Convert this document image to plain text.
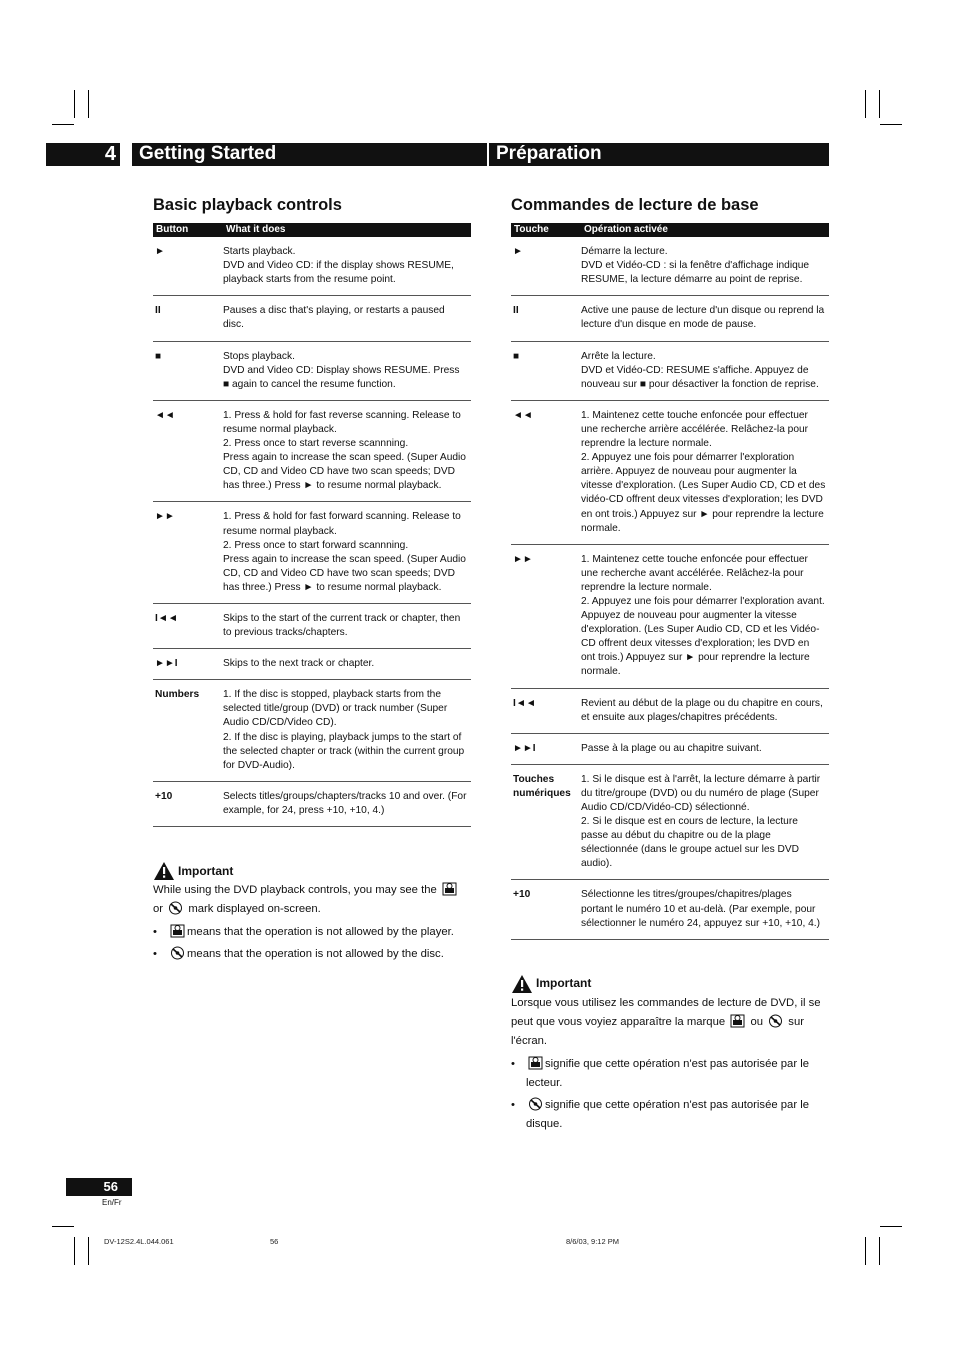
4	Getting Started	Préparation
Basic playback controls
Button	What it does
►	Starts playback.
DVD and Video CD: if the display shows RESUME, playback starts from the resume point.

II	Pauses a disc that's playing, or restarts a paused disc.

■	Stops playback.
DVD and Video CD: Display shows RESUME. Press ■ again to cancel the resume function.

◄◄	1. Press & hold for fast reverse scanning. Release to resume normal playback.
2. Press once to start reverse scannning.
Press again to increase the scan speed. (Super Audio CD, CD and Video CD have two scan speeds; DVD has three.) Press ► to resume normal playback.

►►	1. Press & hold for fast forward scanning. Release to resume normal playback.
2. Press once to start forward scannning.
Press again to increase the scan speed. (Super Audio CD, CD and Video CD have two scan speeds; DVD has three.) Press ► to resume normal playback.

I◄◄	Skips to the start of the current track or chapter, then to previous tracks/chapters.

►►I	Skips to the next track or chapter.

Numbers	1. If the disc is stopped, playback starts from the selected title/group (DVD) or track number (Super Audio CD/CD/Video CD).
2. If the disc is playing, playback jumps to the start of the selected chapter or track (within the current group for DVD-Audio).

+10	Selects titles/groups/chapters/tracks 10 and over. (For example, for 24, press +10, +10, 4.)
Important
While using the DVD playback controls, you may see the  or mark displayed on-screen.
• means that the operation is not allowed by the player.
• means that the operation is not allowed by the disc.
Commandes de lecture de base
Touche	Opération activée
►	Démarre la lecture.
DVD et Vidéo-CD : si la fenêtre d'affichage indique RESUME, la lecture démarre au point de reprise.

II	Active une pause de lecture d'un disque ou reprend la lecture d'un disque en mode de pause.

■	Arrête la lecture.
DVD et Vidéo-CD: RESUME s'affiche. Appuyez de nouveau sur ■ pour désactiver la fonction de reprise.

◄◄	1. Maintenez cette touche enfoncée pour effectuer une recherche arrière accélérée. Relâchez-la pour reprendre la lecture normale.
2. Appuyez une fois pour démarrer l'exploration arrière. Appuyez de nouveau pour augmenter la vitesse d'exploration. (Les Super Audio CD, CD et des vidéo-CD offrent deux vitesses d'exploration; les DVD en ont trois.) Appuyez sur ► pour reprendre la lecture normale.

►►	1. Maintenez cette touche enfoncée pour effectuer une recherche avant accélérée. Relâchez-la pour reprendre la lecture normale.
2. Appuyez une fois pour démarrer l'exploration avant. Appuyez de nouveau pour augmenter la vitesse d'exploration. (Les Super Audio CD, CD et les Vidéo-CD offrent deux vitesses d'exploration; les DVD en ont trois.) Appuyez sur ► pour reprendre la lecture normale.

I◄◄	Revient au début de la plage ou du chapitre en cours, et ensuite aux plages/chapitres précédents.

►►I	Passe à la plage ou au chapitre suivant.

Touches numériques	1. Si le disque est à l'arrêt, la lecture démarre à partir du titre/groupe (DVD) ou du numéro de plage (Super Audio CD/CD/Vidéo-CD) sélectionné.
2. Si le disque est en cours de lecture, la lecture passe au début du chapitre ou de la plage sélectionnée (dans le groupe actuel sur les DVD audio).

+10	Sélectionne les titres/groupes/chapitres/plages portant le numéro 10 et au-delà. (Par exemple, pour sélectionner le numéro 24, appuyez sur +10, +10, 4.)
Important
Lorsque vous utilisez les commandes de lecture de DVD, il se peut que vous voyiez apparaître la marque ou sur l'écran.
• signifie que cette opération n'est pas autorisée par le lecteur.
• signifie que cette opération n'est pas autorisée par le disque.
56
En/Fr
DV-12S2.4L.044.061	56	8/6/03, 9:12 PM
